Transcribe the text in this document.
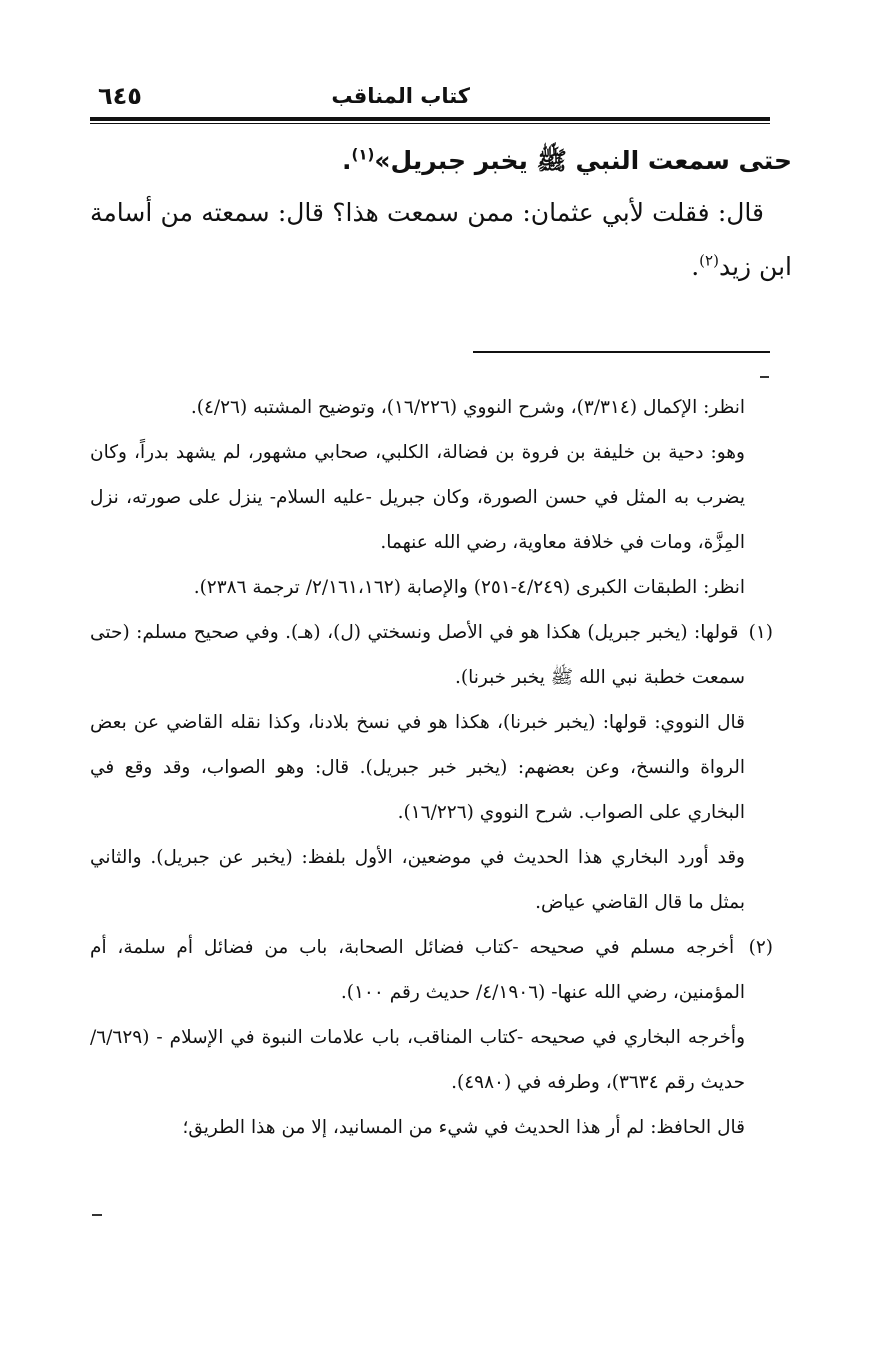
٦٤٥	كتاب المناقب

حتى سمعت النبي ﷺ يخبر جبريل»$^{(١)}$.

قال: فقلت لأبي عثمان: ممن سمعت هذا؟ قال: سمعته من أسامة ابن زيد$^{(٢)}$.

انظر: الإكمال (٣/٣١٤)، وشرح النووي (١٦/٢٢٦)، وتوضيح المشتبه (٤/٢٦).

وهو: دحية بن خليفة بن فروة بن فضالة، الكلبي، صحابي مشهور، لم يشهد بدراً، وكان يضرب به المثل في حسن الصورة، وكان جبريل -عليه السلام- ينزل على صورته، نزل المِزَّة، ومات في خلافة معاوية، رضي الله عنهما.

انظر: الطبقات الكبرى (٤/٢٤٩-٢٥١) والإصابة (٢/١٦١،١٦٢/ ترجمة ٢٣٨٦).

(١) قولها: (يخبر جبريل) هكذا هو في الأصل ونسختي (ل)، (هـ). وفي صحيح مسلم: (حتى سمعت خطبة نبي الله ﷺ يخبر خبرنا).

قال النووي: قولها: (يخبر خبرنا)، هكذا هو في نسخ بلادنا، وكذا نقله القاضي عن بعض الرواة والنسخ، وعن بعضهم: (يخبر خبر جبريل). قال: وهو الصواب، وقد وقع في البخاري على الصواب. شرح النووي (١٦/٢٢٦).

وقد أورد البخاري هذا الحديث في موضعين، الأول بلفظ: (يخبر عن جبريل). والثاني بمثل ما قال القاضي عياض.

(٢) أخرجه مسلم في صحيحه -كتاب فضائل الصحابة، باب من فضائل أم سلمة، أم المؤمنين، رضي الله عنها- (٤/١٩٠٦/ حديث رقم ١٠٠).

وأخرجه البخاري في صحيحه -كتاب المناقب، باب علامات النبوة في الإسلام - (٦/٦٢٩/ حديث رقم ٣٦٣٤)، وطرفه في (٤٩٨٠).

قال الحافظ: لم أر هذا الحديث في شيء من المسانيد، إلا من هذا الطريق؛
